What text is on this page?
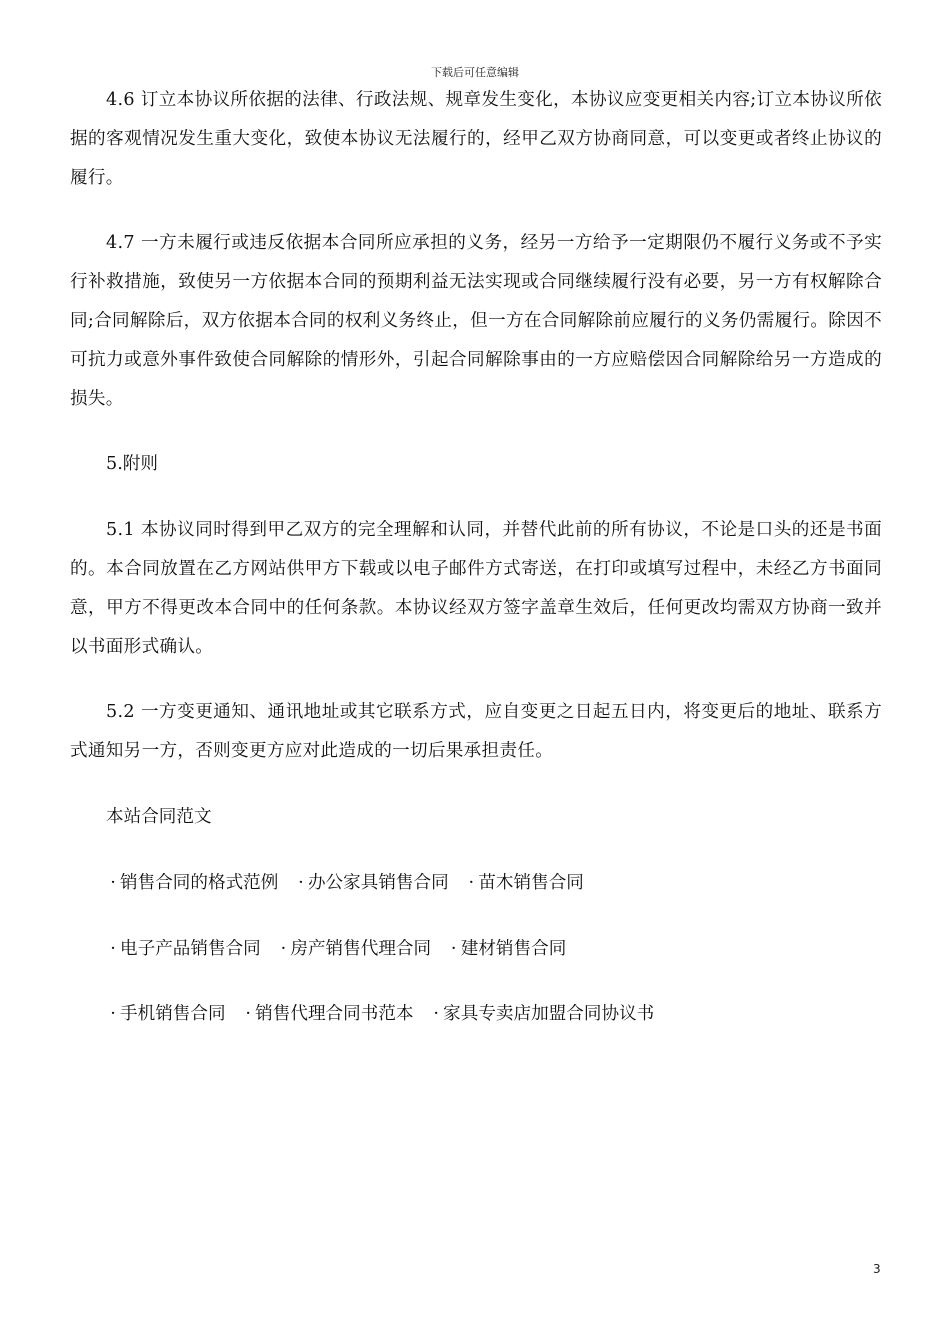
下载后可任意编辑

4.6 订立本协议所依据的法律、行政法规、规章发生变化，本协议应变更相关内容;订立本协议所依据的客观情况发生重大变化，致使本协议无法履行的，经甲乙双方协商同意，可以变更或者终止协议的履行。

4.7 一方未履行或违反依据本合同所应承担的义务，经另一方给予一定期限仍不履行义务或不予实行补救措施，致使另一方依据本合同的预期利益无法实现或合同继续履行没有必要，另一方有权解除合同;合同解除后，双方依据本合同的权利义务终止，但一方在合同解除前应履行的义务仍需履行。除因不可抗力或意外事件致使合同解除的情形外，引起合同解除事由的一方应赔偿因合同解除给另一方造成的损失。

5.附则

5.1 本协议同时得到甲乙双方的完全理解和认同，并替代此前的所有协议，不论是口头的还是书面的。本合同放置在乙方网站供甲方下载或以电子邮件方式寄送，在打印或填写过程中，未经乙方书面同意，甲方不得更改本合同中的任何条款。本协议经双方签字盖章生效后，任何更改均需双方协商一致并以书面形式确认。

5.2 一方变更通知、通讯地址或其它联系方式，应自变更之日起五日内，将变更后的地址、联系方式通知另一方，否则变更方应对此造成的一切后果承担责任。

本站合同范文

· 销售合同的格式范例 · 办公家具销售合同 · 苗木销售合同

· 电子产品销售合同 · 房产销售代理合同 · 建材销售合同

· 手机销售合同 · 销售代理合同书范本 · 家具专卖店加盟合同协议书

3
